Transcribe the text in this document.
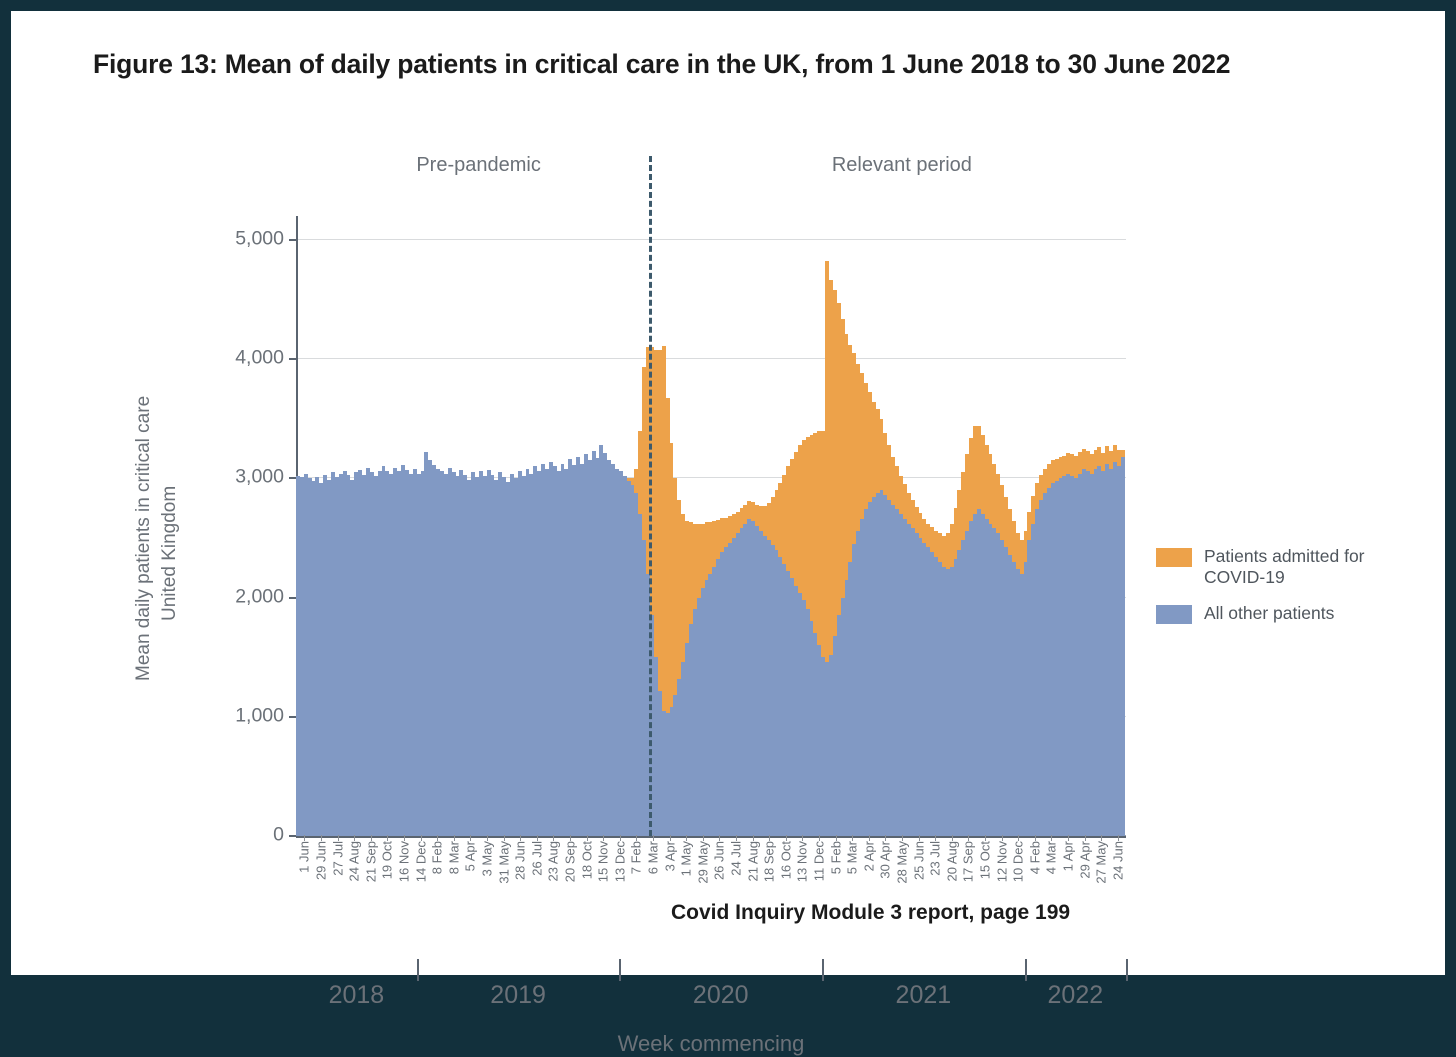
Figure 13: Mean of daily patients in critical care in the UK, from 1 June 2018 to 30 June 2022
Mean daily patients in critical care United Kingdom
0
1,000
2,000
3,000
4,000
5,000
Pre-pandemic	Relevant period
1 Jun 29 Jun 27 Jul 24 Aug 21 Sep 19 Oct 16 Nov 14 Dec 8 Feb 8 Mar 5 Apr 3 May 31 May 28 Jun 26 Jul 23 Aug 20 Sep 18 Oct 15 Nov 13 Dec 7 Feb 6 Mar 3 Apr 1 May 29 May 26 Jun 24 Jul 21 Aug 18 Sep 16 Oct 13 Nov 11 Dec 5 Feb 5 Mar 2 Apr 30 Apr 28 May 25 Jun 23 Jul 20 Aug 17 Sep 15 Oct 12 Nov 10 Dec 4 Feb 4 Mar 1 Apr 29 Apr 27 May 24 Jun
2018	2019	2020	2021	2022
Week commencing
Patients admitted for COVID-19
All other patients
Covid Inquiry Module 3 report, page 199
